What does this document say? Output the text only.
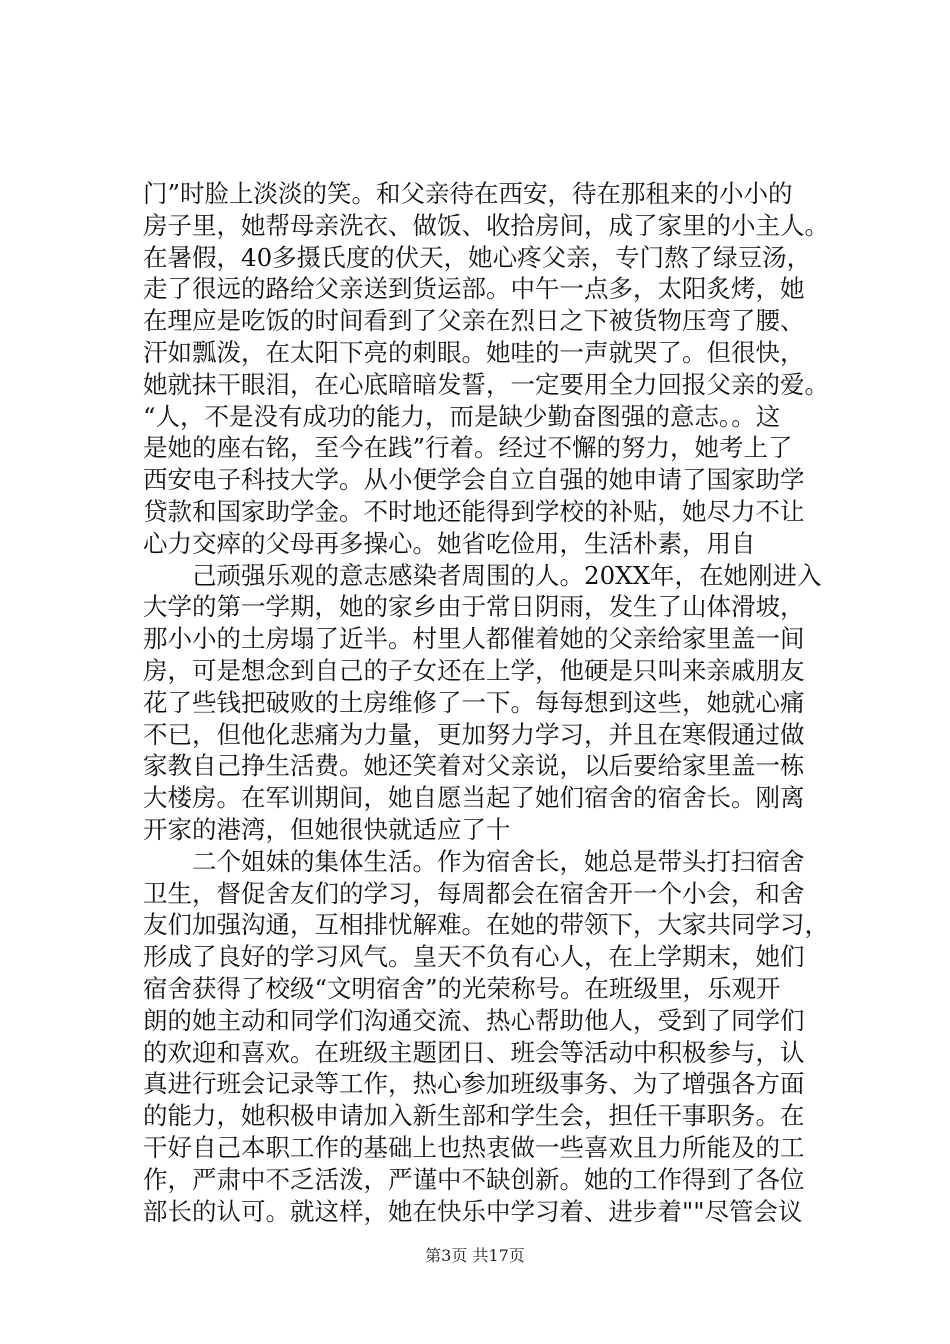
门”时脸上淡淡的笑。和父亲待在西安，待在那租来的小小的
房子里，她帮母亲洗衣、做饭、收拾房间，成了家里的小主人。
在暑假，40多摄氏度的伏天，她心疼父亲，专门熬了绿豆汤，
走了很远的路给父亲送到货运部。中午一点多，太阳炙烤，她
在理应是吃饭的时间看到了父亲在烈日之下被货物压弯了腰、
汗如瓢泼，在太阳下亮的刺眼。她哇的一声就哭了。但很快，
她就抹干眼泪，在心底暗暗发誓，一定要用全力回报父亲的爱。
“人，不是没有成功的能力，而是缺少勤奋图强的意志。。这
是她的座右铭，至今在践”行着。经过不懈的努力，她考上了
西安电子科技大学。从小便学会自立自强的她申请了国家助学
贷款和国家助学金。不时地还能得到学校的补贴，她尽力不让
心力交瘁的父母再多操心。她省吃俭用，生活朴素，用自
己顽强乐观的意志感染者周围的人。20XX年，在她刚进入
大学的第一学期，她的家乡由于常日阴雨，发生了山体滑坡，
那小小的土房塌了近半。村里人都催着她的父亲给家里盖一间
房，可是想念到自己的子女还在上学，他硬是只叫来亲戚朋友
花了些钱把破败的土房维修了一下。每每想到这些，她就心痛
不已，但他化悲痛为力量，更加努力学习，并且在寒假通过做
家教自己挣生活费。她还笑着对父亲说，以后要给家里盖一栋
大楼房。在军训期间，她自愿当起了她们宿舍的宿舍长。刚离
开家的港湾，但她很快就适应了十
二个姐妹的集体生活。作为宿舍长，她总是带头打扫宿舍
卫生，督促舍友们的学习，每周都会在宿舍开一个小会，和舍
友们加强沟通，互相排忧解难。在她的带领下，大家共同学习，
形成了良好的学习风气。皇天不负有心人，在上学期末，她们
宿舍获得了校级“文明宿舍”的光荣称号。在班级里，乐观开
朗的她主动和同学们沟通交流、热心帮助他人，受到了同学们
的欢迎和喜欢。在班级主题团日、班会等活动中积极参与，认
真进行班会记录等工作，热心参加班级事务、为了增强各方面
的能力，她积极申请加入新生部和学生会，担任干事职务。在
干好自己本职工作的基础上也热衷做一些喜欢且力所能及的工
作，严肃中不乏活泼，严谨中不缺创新。她的工作得到了各位
部长的认可。就这样，她在快乐中学习着、进步着""尽管会议
第3页 共17页
